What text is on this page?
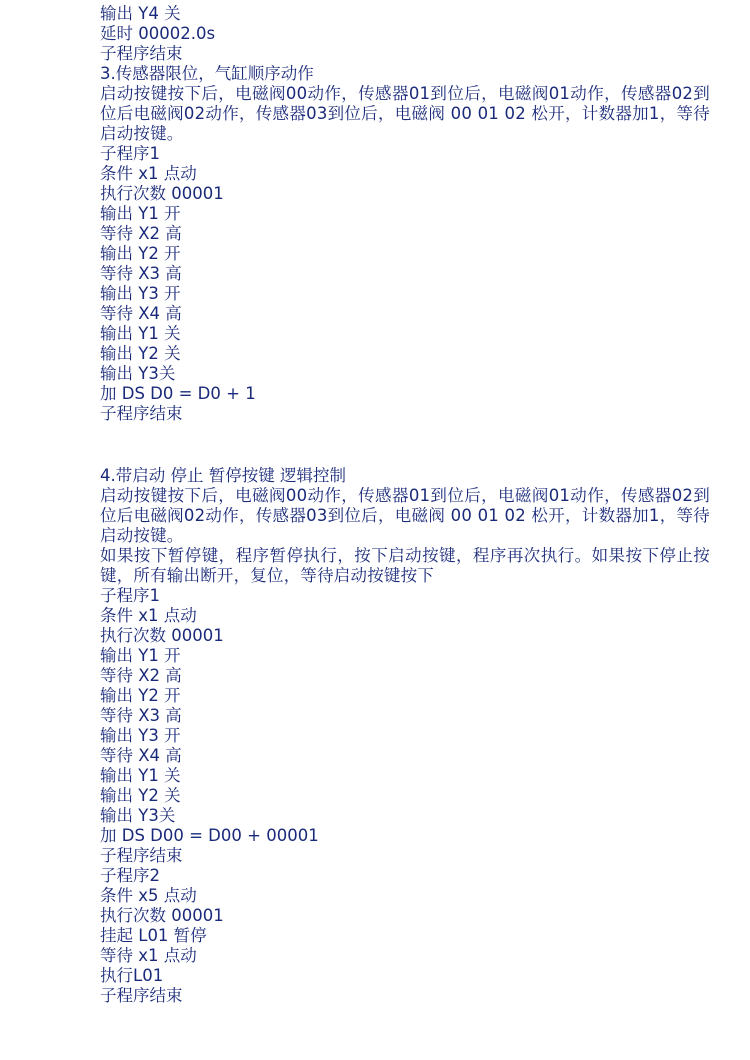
输出 Y4 关
延时 00002.0s
子程序结束
3.传感器限位，气缸顺序动作
启动按键按下后，电磁阀00动作，传感器01到位后，电磁阀01动作，传感器02到位后电磁阀02动作，传感器03到位后，电磁阀 00 01 02 松开，计数器加1，等待启动按键。
子程序1
条件 x1 点动
执行次数 00001
输出 Y1 开
等待 X2 高
输出 Y2 开
等待 X3 高
输出 Y3 开
等待 X4 高
输出 Y1 关
输出 Y2 关
输出 Y3关
加 DS D0 = D0 + 1
子程序结束
4.带启动 停止 暂停按键 逻辑控制
启动按键按下后，电磁阀00动作，传感器01到位后，电磁阀01动作，传感器02到位后电磁阀02动作，传感器03到位后，电磁阀 00 01 02 松开，计数器加1，等待启动按键。
如果按下暂停键，程序暂停执行，按下启动按键，程序再次执行。如果按下停止按键，所有输出断开，复位，等待启动按键按下
子程序1
条件 x1 点动
执行次数 00001
输出 Y1 开
等待 X2 高
输出 Y2 开
等待 X3 高
输出 Y3 开
等待 X4 高
输出 Y1 关
输出 Y2 关
输出 Y3关
加 DS D00 = D00 + 00001
子程序结束
子程序2
条件 x5 点动
执行次数 00001
挂起 L01 暂停
等待 x1 点动
执行L01
子程序结束
